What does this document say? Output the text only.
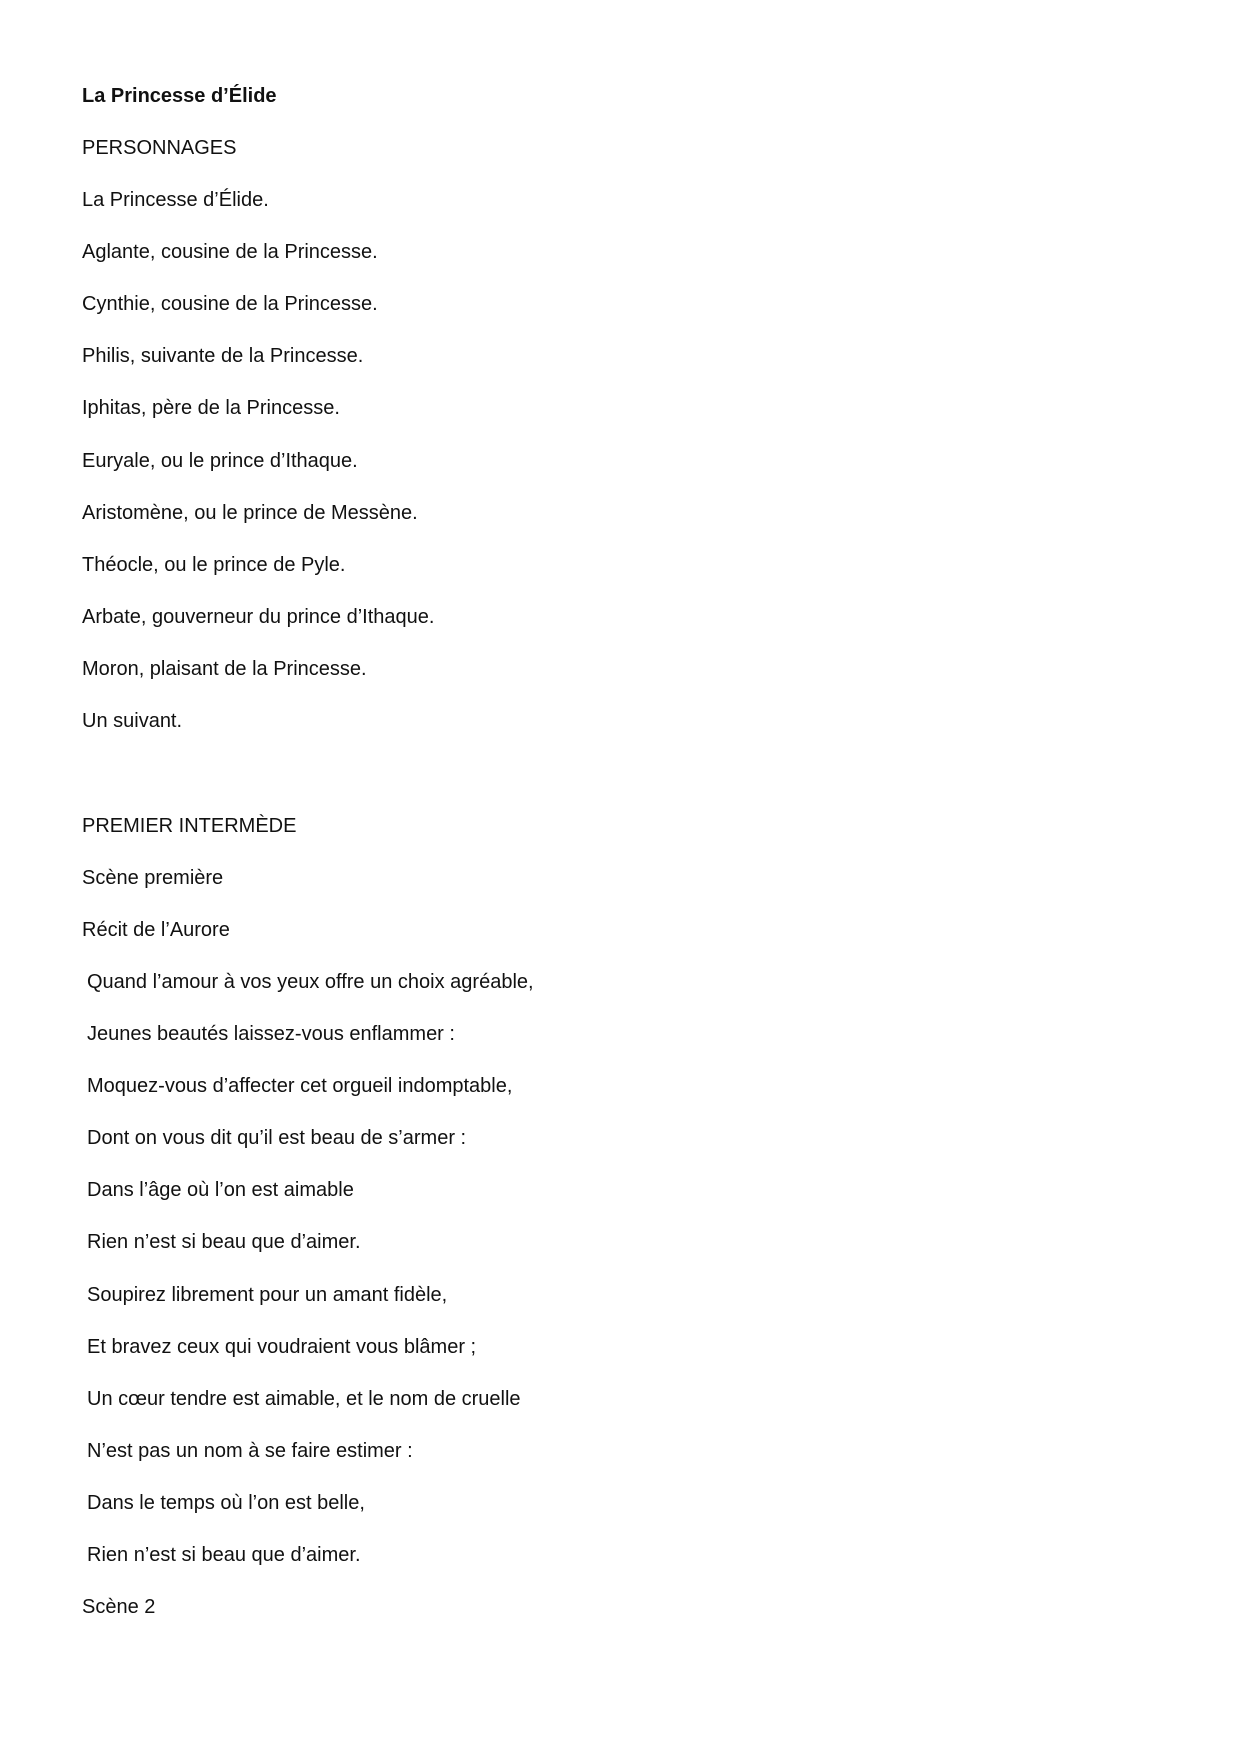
La Princesse d’Élide
PERSONNAGES
La Princesse d’Élide.
Aglante, cousine de la Princesse.
Cynthie, cousine de la Princesse.
Philis, suivante de la Princesse.
Iphitas, père de la Princesse.
Euryale, ou le prince d’Ithaque.
Aristomène, ou le prince de Messène.
Théocle, ou le prince de Pyle.
Arbate, gouverneur du prince d’Ithaque.
Moron, plaisant de la Princesse.
Un suivant.
PREMIER INTERMÈDE
Scène première
Récit de l’Aurore
Quand l’amour à vos yeux offre un choix agréable,
Jeunes beautés laissez-vous enflammer :
Moquez-vous d’affecter cet orgueil indomptable,
Dont on vous dit qu’il est beau de s’armer :
Dans l’âge où l’on est aimable
Rien n’est si beau que d’aimer.
Soupirez librement pour un amant fidèle,
Et bravez ceux qui voudraient vous blâmer ;
Un cœur tendre est aimable, et le nom de cruelle
N’est pas un nom à se faire estimer :
Dans le temps où l’on est belle,
Rien n’est si beau que d’aimer.
Scène 2
